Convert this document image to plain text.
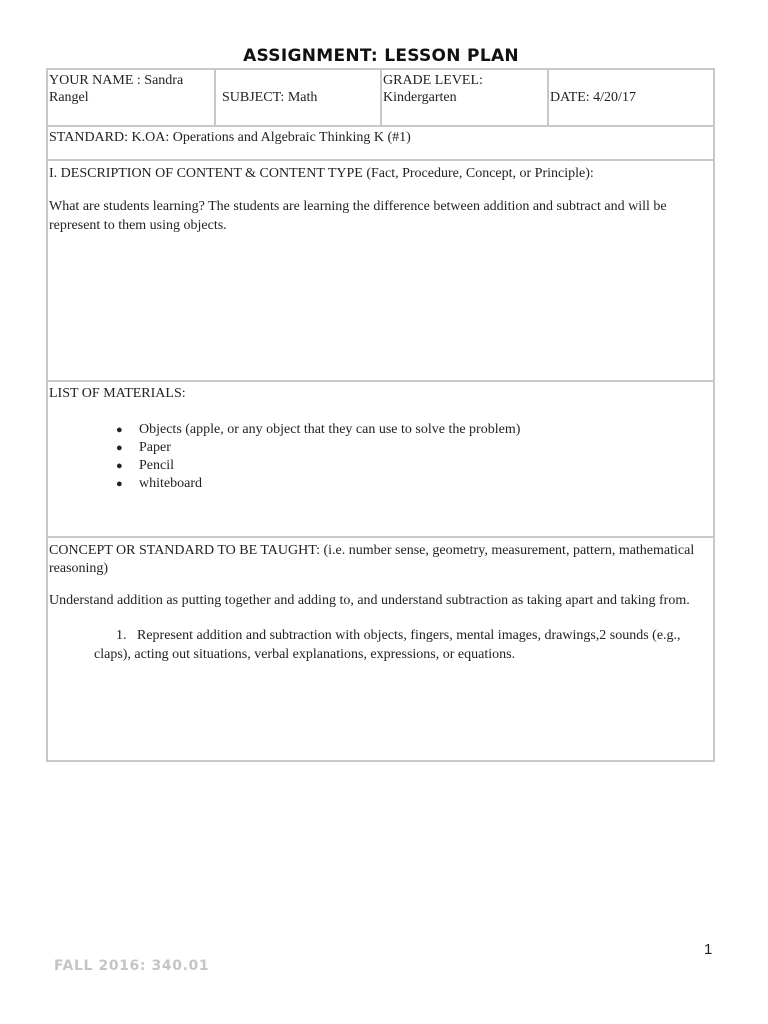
ASSIGNMENT: LESSON PLAN
YOUR NAME : Sandra Rangel	SUBJECT: Math
GRADE LEVEL: Kindergarten	DATE: 4/20/17
STANDARD: K.OA: Operations and Algebraic Thinking K (#1)

I. DESCRIPTION OF CONTENT & CONTENT TYPE (Fact, Procedure, Concept, or Principle):

What are students learning? The students are learning the difference between addition and subtract and will be represent to them using objects.

LIST OF MATERIALS:

● Objects (apple, or any object that they can use to solve the problem)
● Paper
● Pencil
● whiteboard

CONCEPT OR STANDARD TO BE TAUGHT: (i.e. number sense, geometry, measurement, pattern, mathematical reasoning)

Understand addition as putting together and adding to, and understand subtraction as taking apart and taking from.

1. Represent addition and subtraction with objects, fingers, mental images, drawings,2 sounds (e.g., claps), acting out situations, verbal explanations, expressions, or equations.

1
FALL 2016: 340.01
